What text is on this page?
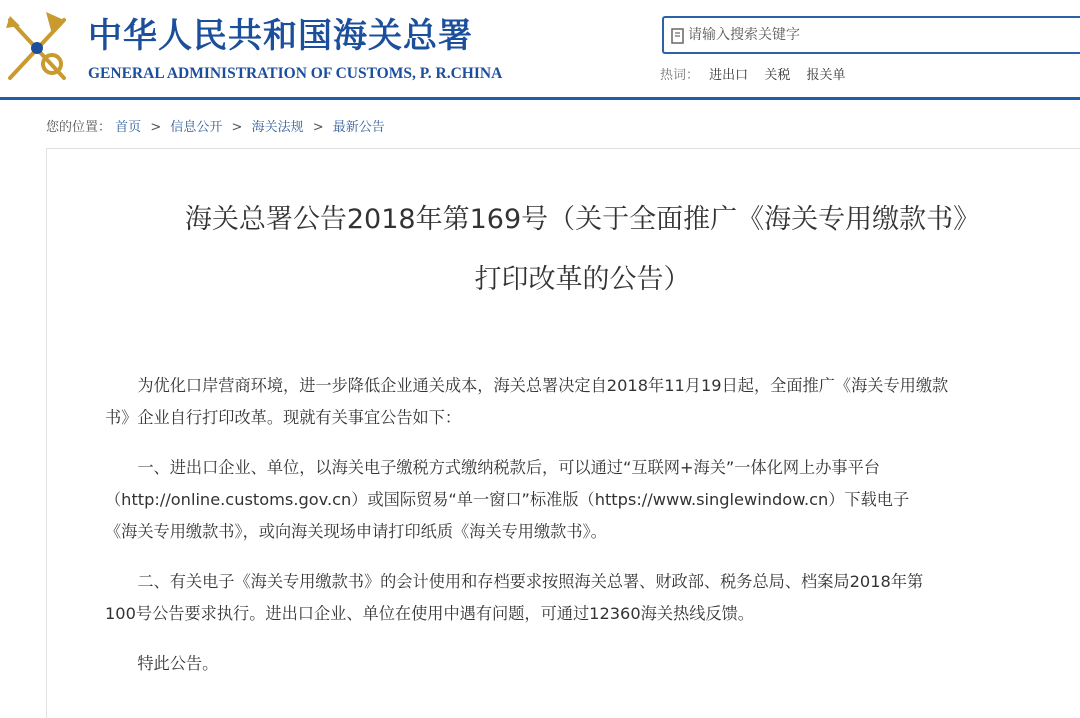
中华人民共和国海关总署
GENERAL ADMINISTRATION OF CUSTOMS, P. R.CHINA
请输入搜索关键字	热词： 进出口 关税 报关单
您的位置： 首页 > 信息公开 > 海关法规 > 最新公告
海关总署公告2018年第169号（关于全面推广《海关专用缴款书》
打印改革的公告）

　　为优化口岸营商环境，进一步降低企业通关成本，海关总署决定自2018年11月19日起，全面推广《海关专用缴款
书》企业自行打印改革。现就有关事宜公告如下：

　　一、进出口企业、单位，以海关电子缴税方式缴纳税款后，可以通过“互联网+海关”一体化网上办事平台
（http://online.customs.gov.cn）或国际贸易“单一窗口”标准版（https://www.singlewindow.cn）下载电子
《海关专用缴款书》，或向海关现场申请打印纸质《海关专用缴款书》。

　　二、有关电子《海关专用缴款书》的会计使用和存档要求按照海关总署、财政部、税务总局、档案局2018年第
100号公告要求执行。进出口企业、单位在使用中遇有问题，可通过12360海关热线反馈。

　　特此公告。
